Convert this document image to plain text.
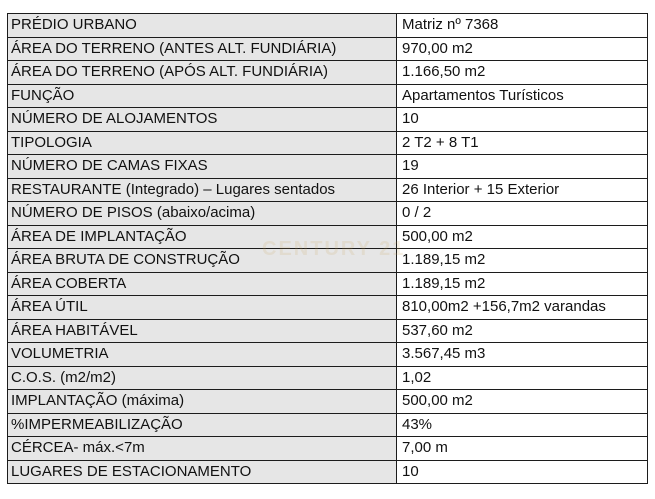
PRÉDIO URBANO	Matriz nº 7368
ÁREA DO TERRENO (ANTES ALT. FUNDIÁRIA)	970,00 m2
ÁREA DO TERRENO (APÓS ALT. FUNDIÁRIA)	1.166,50 m2
FUNÇÃO	Apartamentos Turísticos
NÚMERO DE ALOJAMENTOS	10
TIPOLOGIA	2 T2 + 8 T1
NÚMERO DE CAMAS FIXAS	19
RESTAURANTE (Integrado) – Lugares sentados	26 Interior + 15 Exterior
NÚMERO DE PISOS (abaixo/acima)	0 / 2
ÁREA DE IMPLANTAÇÃO	500,00 m2
ÁREA BRUTA DE CONSTRUÇÃO	1.189,15 m2
ÁREA COBERTA	1.189,15 m2
ÁREA ÚTIL	810,00m2 +156,7m2 varandas
ÁREA HABITÁVEL	537,60 m2
VOLUMETRIA	3.567,45 m3
C.O.S. (m2/m2)	1,02
IMPLANTAÇÃO (máxima)	500,00 m2
%IMPERMEABILIZAÇÃO	43%
CÉRCEA- máx.<7m	7,00 m
LUGARES DE ESTACIONAMENTO	10
